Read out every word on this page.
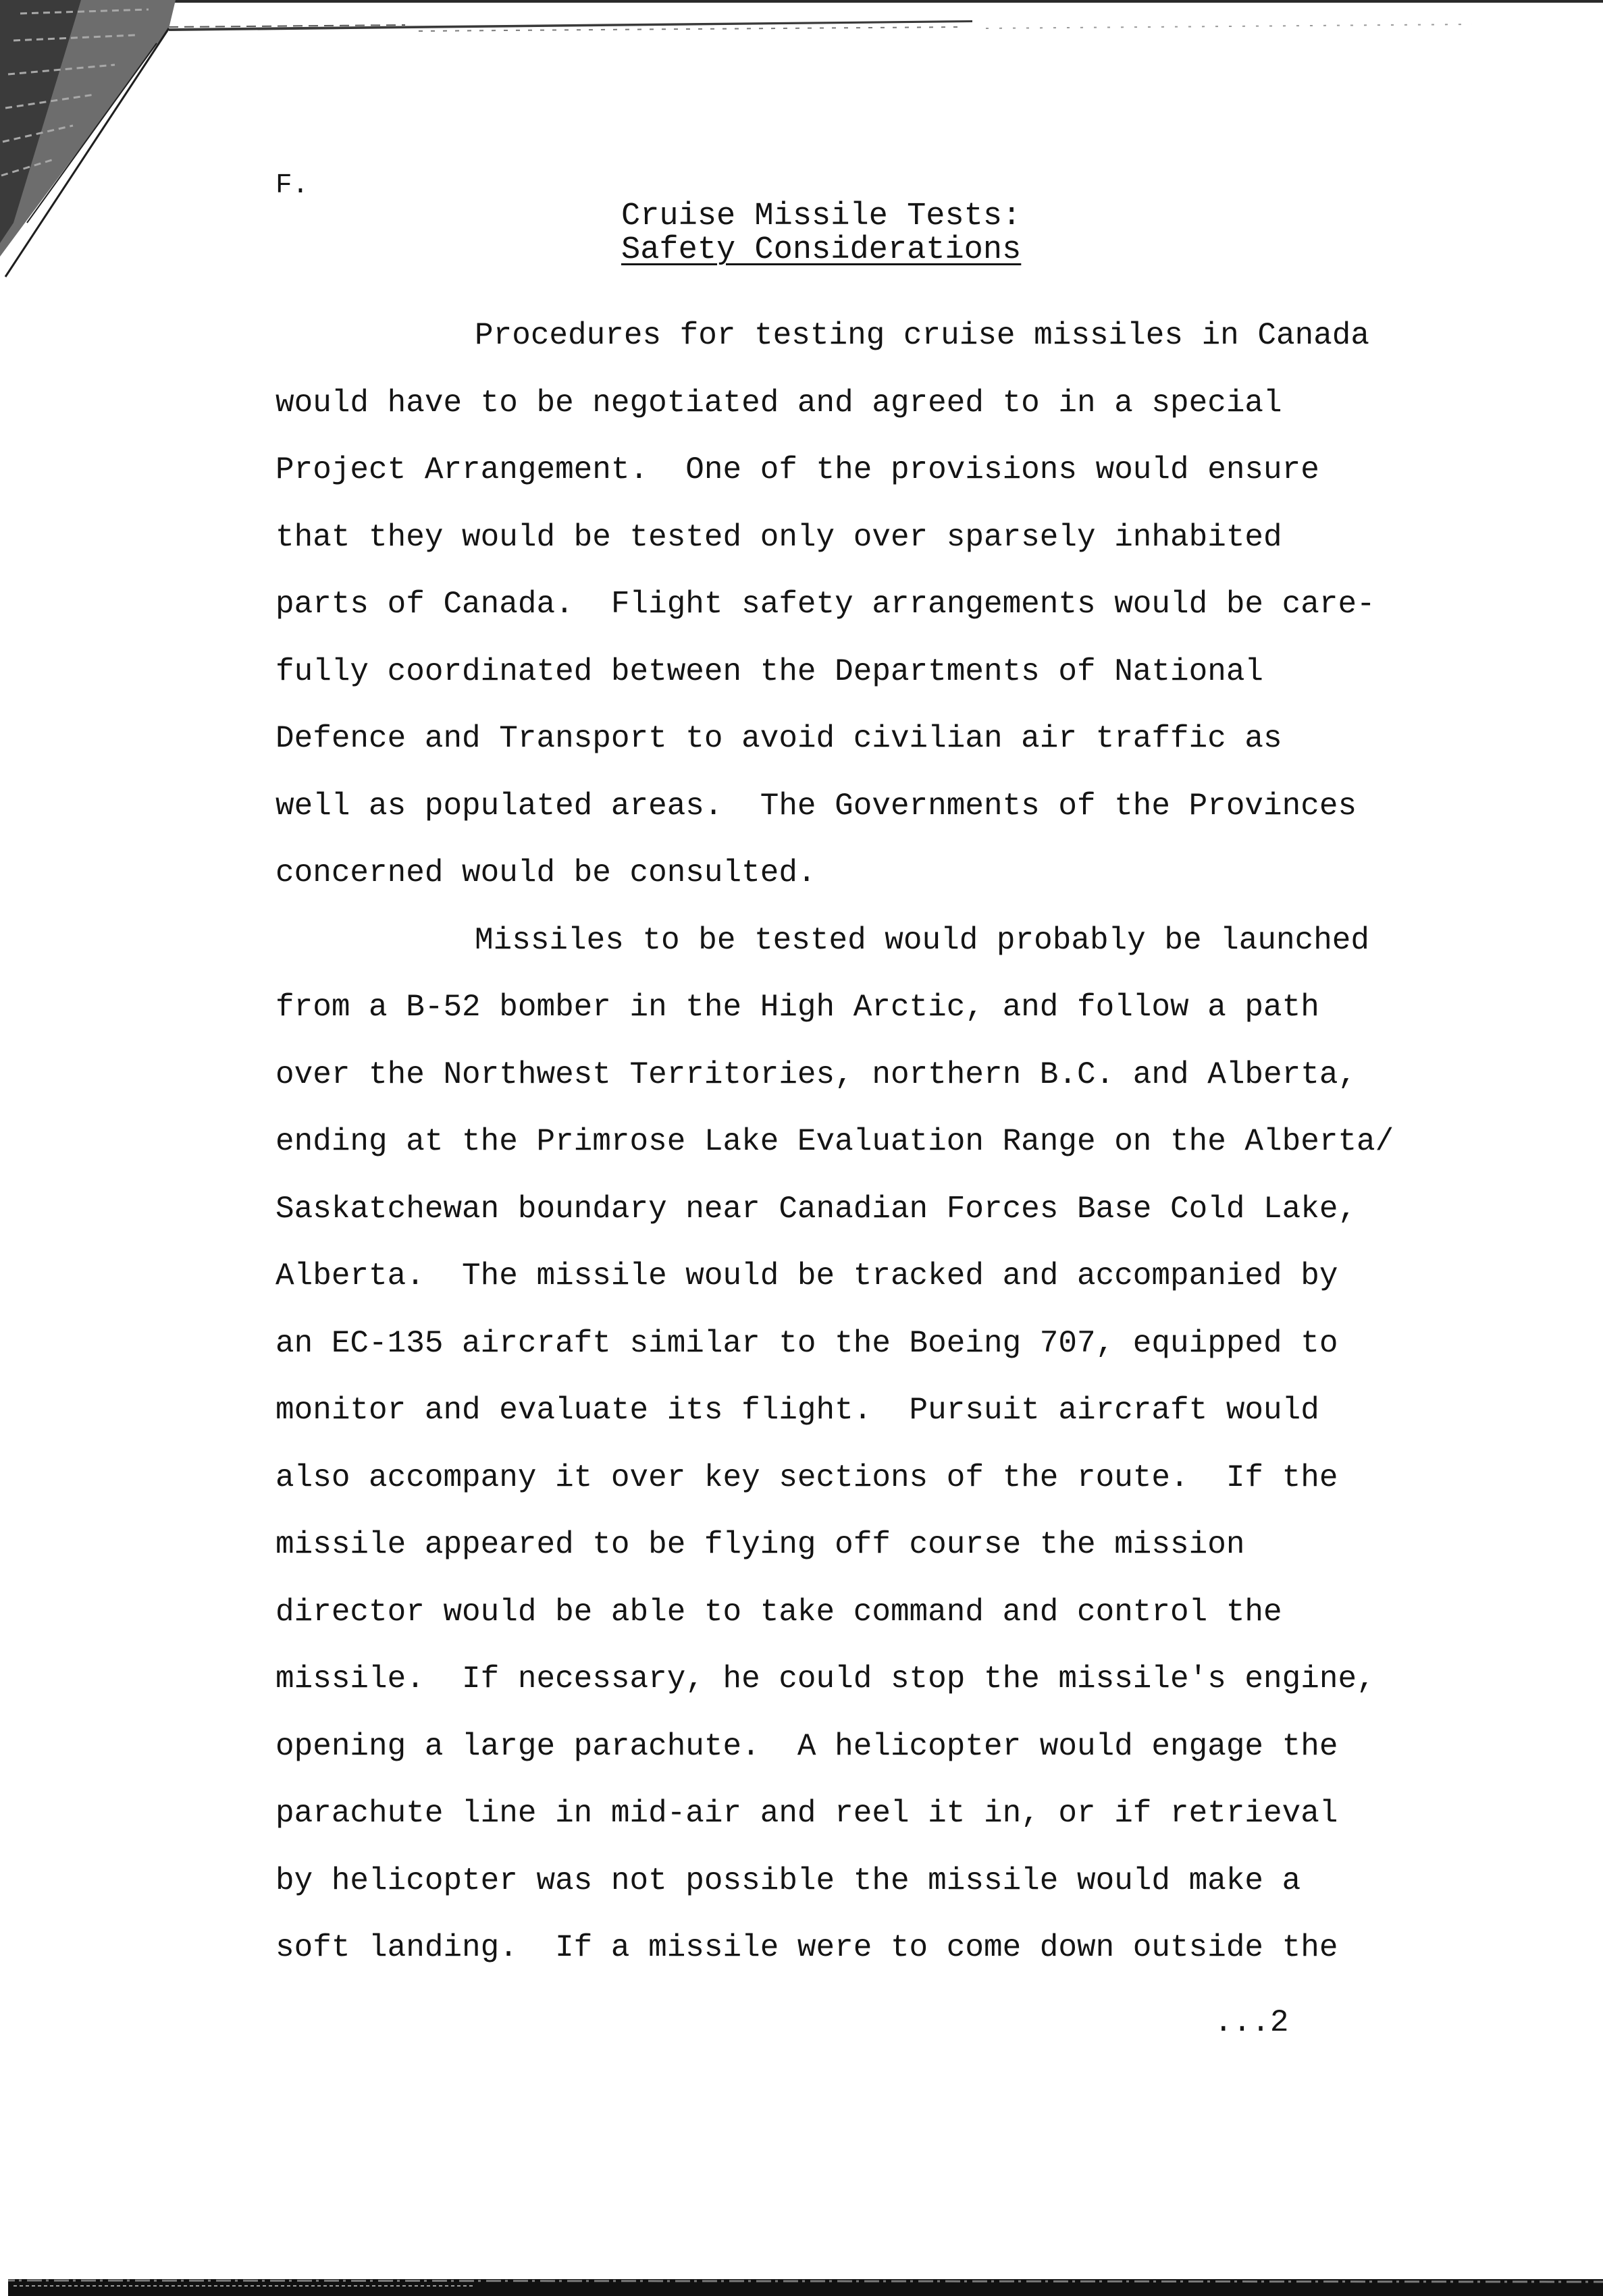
F.
Cruise Missile Tests:
Safety Considerations
Procedures for testing cruise missiles in Canada
would have to be negotiated and agreed to in a special
Project Arrangement.  One of the provisions would ensure
that they would be tested only over sparsely inhabited
parts of Canada.  Flight safety arrangements would be care-
fully coordinated between the Departments of National
Defence and Transport to avoid civilian air traffic as
well as populated areas.  The Governments of the Provinces
concerned would be consulted.
Missiles to be tested would probably be launched
from a B-52 bomber in the High Arctic, and follow a path
over the Northwest Territories, northern B.C. and Alberta,
ending at the Primrose Lake Evaluation Range on the Alberta/
Saskatchewan boundary near Canadian Forces Base Cold Lake,
Alberta.  The missile would be tracked and accompanied by
an EC-135 aircraft similar to the Boeing 707, equipped to
monitor and evaluate its flight.  Pursuit aircraft would
also accompany it over key sections of the route.  If the
missile appeared to be flying off course the mission
director would be able to take command and control the
missile.  If necessary, he could stop the missile's engine,
opening a large parachute.  A helicopter would engage the
parachute line in mid-air and reel it in, or if retrieval
by helicopter was not possible the missile would make a
soft landing.  If a missile were to come down outside the
...2
